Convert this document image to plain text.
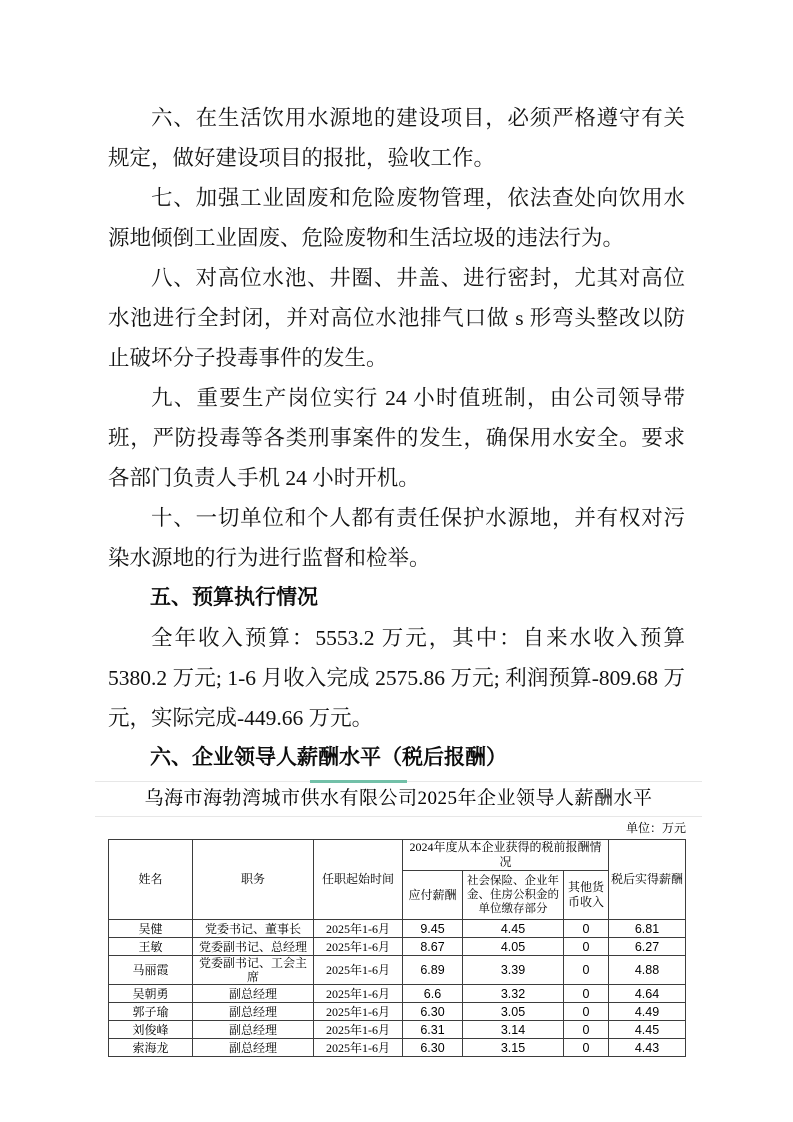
六、在生活饮用水源地的建设项目，必须严格遵守有关规定，做好建设项目的报批，验收工作。

七、加强工业固废和危险废物管理，依法查处向饮用水源地倾倒工业固废、危险废物和生活垃圾的违法行为。

八、对高位水池、井圈、井盖、进行密封，尤其对高位水池进行全封闭，并对高位水池排气口做 s 形弯头整改以防止破坏分子投毒事件的发生。

九、重要生产岗位实行 24 小时值班制，由公司领导带班，严防投毒等各类刑事案件的发生，确保用水安全。要求各部门负责人手机 24 小时开机。

十、一切单位和个人都有责任保护水源地，并有权对污染水源地的行为进行监督和检举。

五、预算执行情况

全年收入预算：5553.2 万元，其中：自来水收入预算 5380.2 万元; 1-6 月收入完成 2575.86 万元; 利润预算-809.68 万元，实际完成-449.66 万元。

六、企业领导人薪酬水平（税后报酬）

乌海市海勃湾城市供水有限公司2025年企业领导人薪酬水平
单位：万元
姓名	职务	任职起始时间	2024年度从本企业获得的税前报酬情况			税后实得薪酬
			应付薪酬	社会保险、企业年金、住房公积金的单位缴存部分	其他货币收入	
吴健	党委书记、董事长	2025年1-6月	9.45	4.45	0	6.81
王敏	党委副书记、总经理	2025年1-6月	8.67	4.05	0	6.27
马丽霞	党委副书记、工会主席	2025年1-6月	6.89	3.39	0	4.88
吴朝勇	副总经理	2025年1-6月	6.6	3.32	0	4.64
郭子瑜	副总经理	2025年1-6月	6.30	3.05	0	4.49
刘俊峰	副总经理	2025年1-6月	6.31	3.14	0	4.45
索海龙	副总经理	2025年1-6月	6.30	3.15	0	4.43
